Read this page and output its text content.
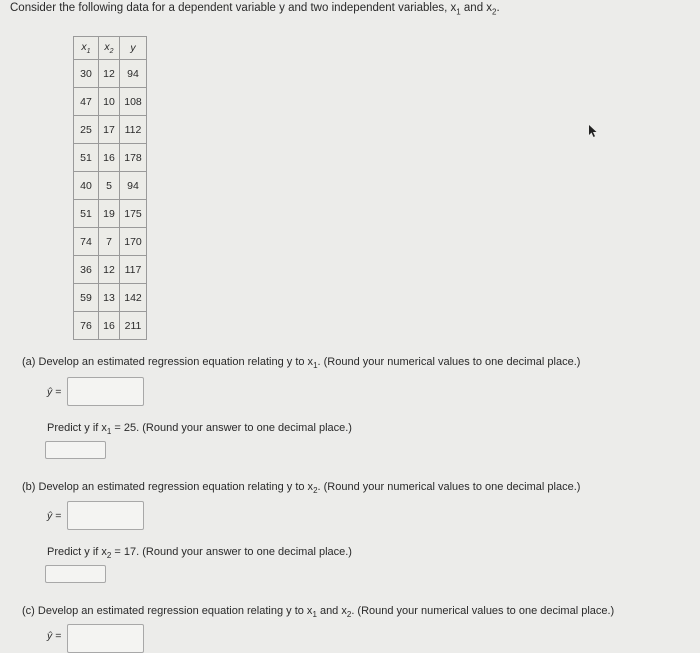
Consider the following data for a dependent variable y and two independent variables, $x_1$ and $x_2$.
$x_1$	$x_2$	y
30	12	94
47	10	108
25	17	112
51	16	178
40	5	94
51	19	175
74	7	170
36	12	117
59	13	142
76	16	211
(a) Develop an estimated regression equation relating y to $x_1$. (Round your numerical values to one decimal place.)
ŷ =
Predict y if $x_1 = 25$. (Round your answer to one decimal place.)
(b) Develop an estimated regression equation relating y to $x_2$. (Round your numerical values to one decimal place.)
ŷ =
Predict y if $x_2 = 17$. (Round your answer to one decimal place.)
(c) Develop an estimated regression equation relating y to $x_1$ and $x_2$. (Round your numerical values to one decimal place.)
ŷ =
